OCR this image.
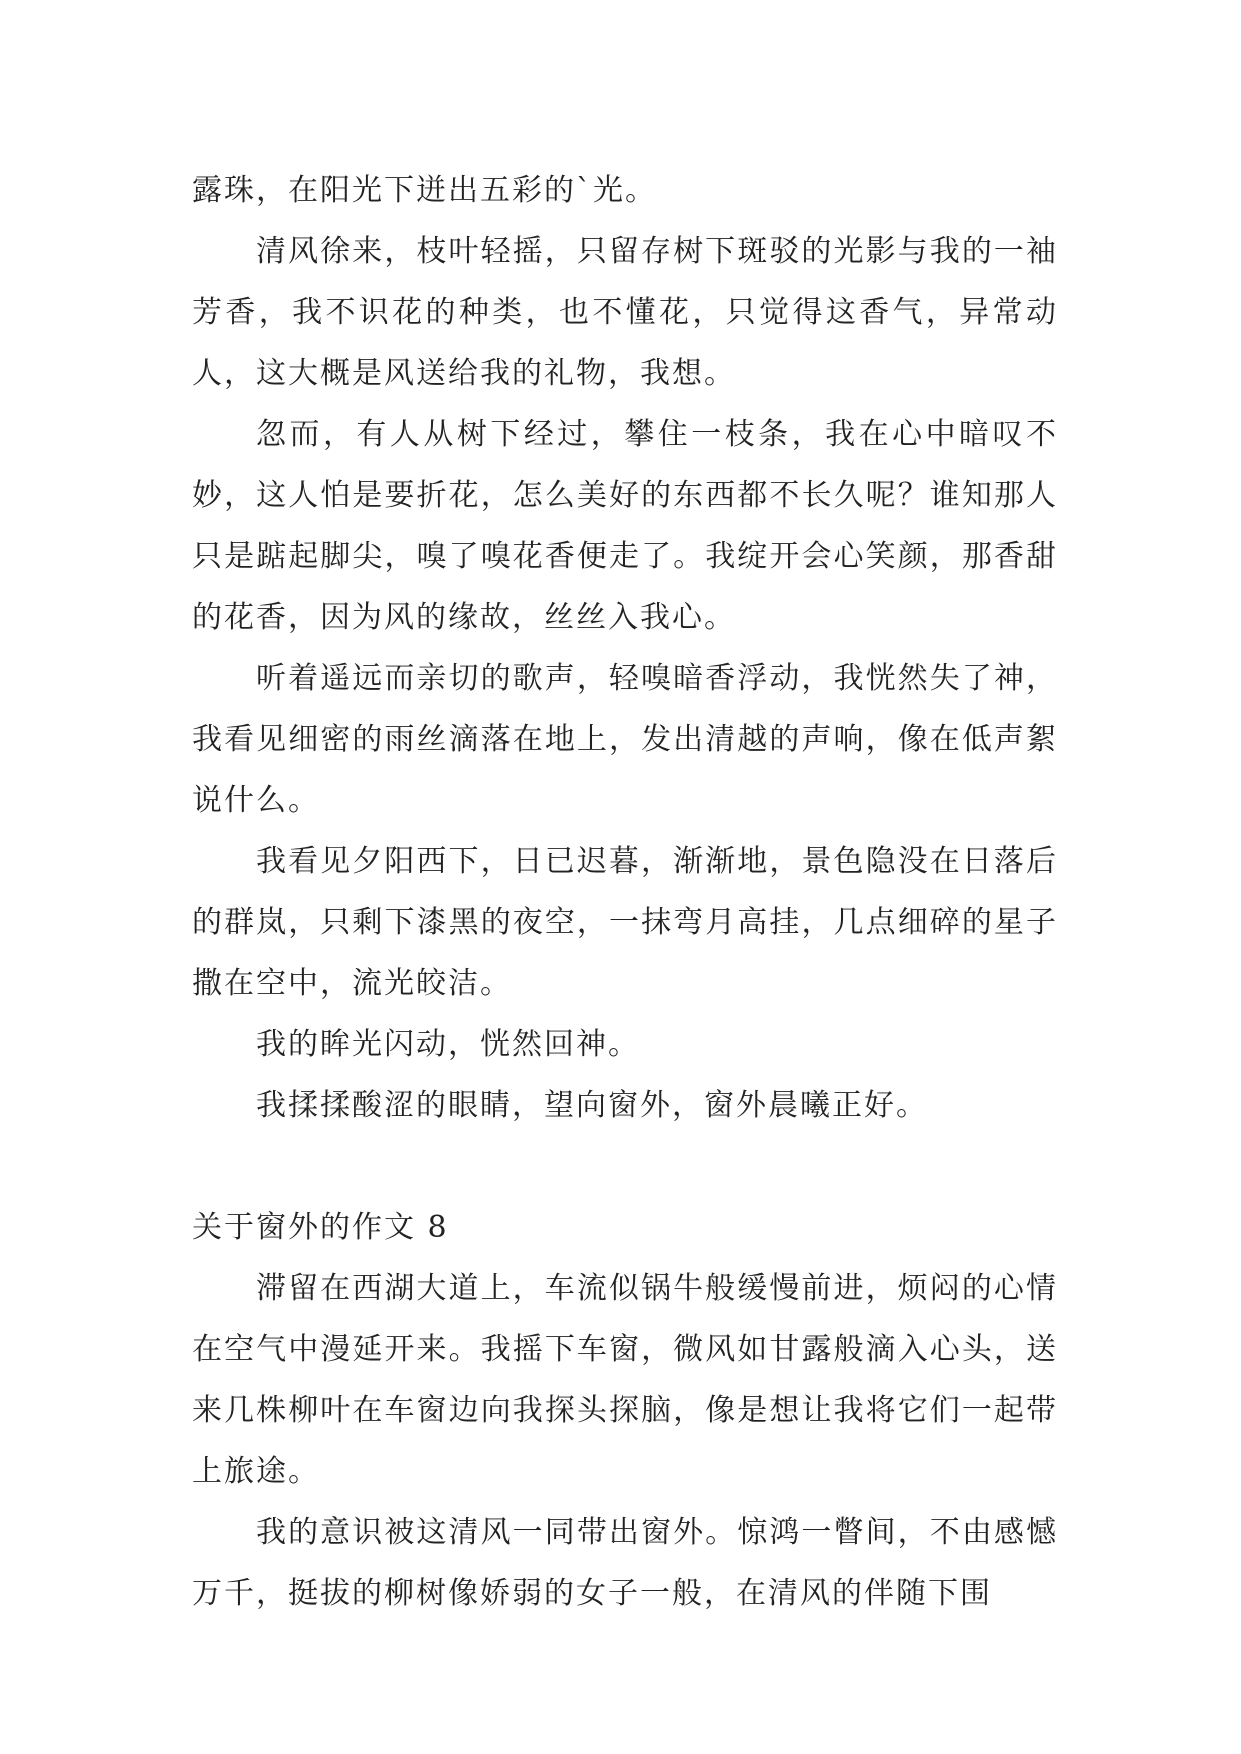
露珠，在阳光下迸出五彩的`光。

清风徐来，枝叶轻摇，只留存树下斑驳的光影与我的一袖芳香，我不识花的种类，也不懂花，只觉得这香气，异常动人，这大概是风送给我的礼物，我想。

忽而，有人从树下经过，攀住一枝条，我在心中暗叹不妙，这人怕是要折花，怎么美好的东西都不长久呢？谁知那人只是踮起脚尖，嗅了嗅花香便走了。我绽开会心笑颜，那香甜的花香，因为风的缘故，丝丝入我心。

听着遥远而亲切的歌声，轻嗅暗香浮动，我恍然失了神，我看见细密的雨丝滴落在地上，发出清越的声响，像在低声絮说什么。

我看见夕阳西下，日已迟暮，渐渐地，景色隐没在日落后的群岚，只剩下漆黑的夜空，一抹弯月高挂，几点细碎的星子撒在空中，流光皎洁。

我的眸光闪动，恍然回神。

我揉揉酸涩的眼睛，望向窗外，窗外晨曦正好。

关于窗外的作文 8

滞留在西湖大道上，车流似锅牛般缓慢前进，烦闷的心情在空气中漫延开来。我摇下车窗，微风如甘露般滴入心头，送来几株柳叶在车窗边向我探头探脑，像是想让我将它们一起带上旅途。

我的意识被这清风一同带出窗外。惊鸿一瞥间，不由感憾万千，挺拔的柳树像娇弱的女子一般，在清风的伴随下围
